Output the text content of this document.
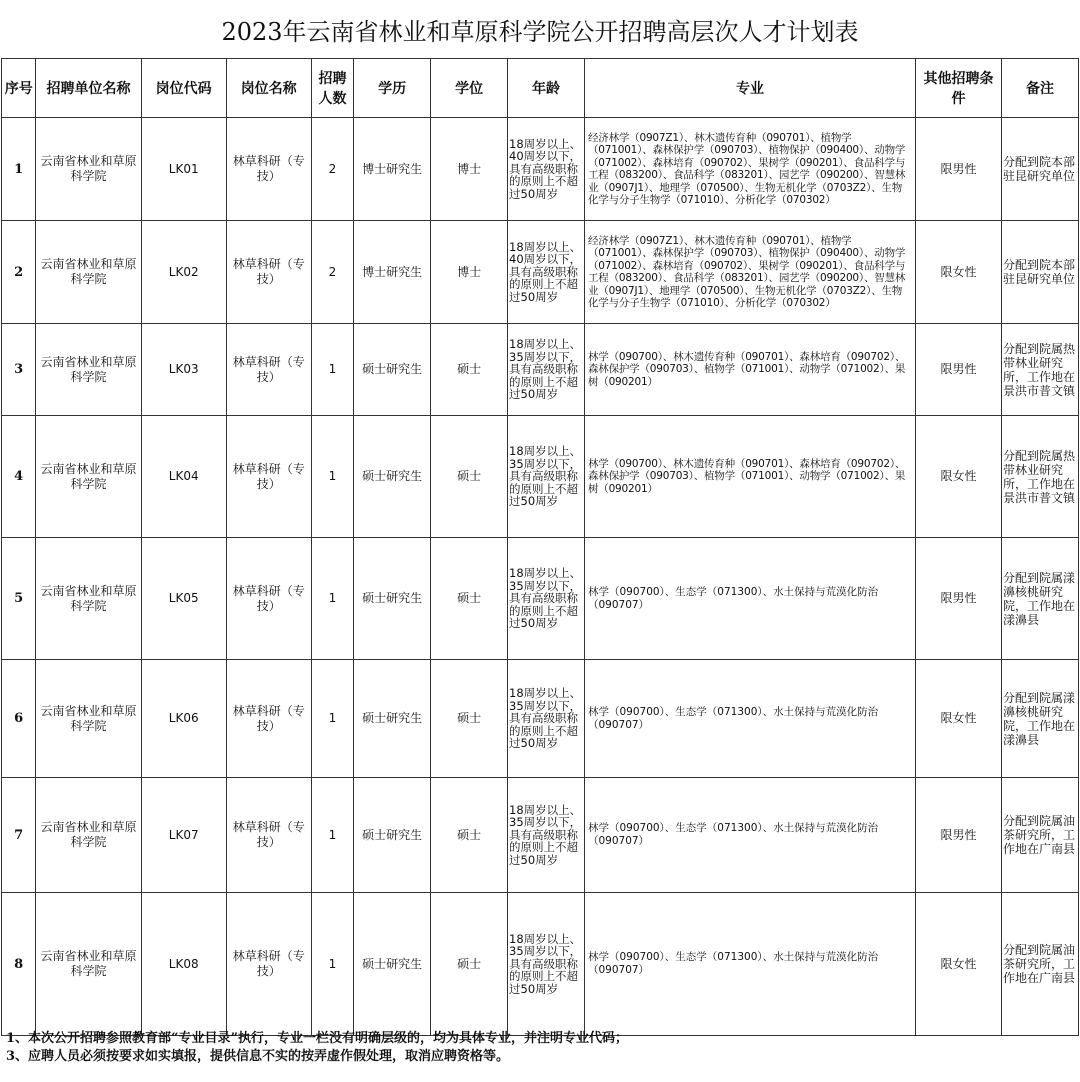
2023年云南省林业和草原科学院公开招聘高层次人才计划表
序号	招聘单位名称	岗位代码	岗位名称	招聘人数	学历	学位	年龄	专业	其他招聘条件	备注
1	云南省林业和草原科学院	LK01	林草科研（专技）	2	博士研究生	博士	18周岁以上、40周岁以下，具有高级职称的原则上不超过50周岁	经济林学（0907Z1）、林木遗传育种（090701）、植物学（071001）、森林保护学（090703）、植物保护（090400）、动物学（071002）、森林培育（090702）、果树学（090201）、食品科学与工程（083200）、食品科学（083201）、园艺学（090200）、智慧林业（0907J1）、地理学（070500）、生物无机化学（0703Z2）、生物化学与分子生物学（071010）、分析化学（070302）	限男性	分配到院本部驻昆研究单位
2	云南省林业和草原科学院	LK02	林草科研（专技）	2	博士研究生	博士	18周岁以上、40周岁以下，具有高级职称的原则上不超过50周岁	经济林学（0907Z1）、林木遗传育种（090701）、植物学（071001）、森林保护学（090703）、植物保护（090400）、动物学（071002）、森林培育（090702）、果树学（090201）、食品科学与工程（083200）、食品科学（083201）、园艺学（090200）、智慧林业（0907J1）、地理学（070500）、生物无机化学（0703Z2）、生物化学与分子生物学（071010）、分析化学（070302）	限女性	分配到院本部驻昆研究单位
3	云南省林业和草原科学院	LK03	林草科研（专技）	1	硕士研究生	硕士	18周岁以上、35周岁以下，具有高级职称的原则上不超过50周岁	林学（090700）、林木遗传育种（090701）、森林培育（090702）、森林保护学（090703）、植物学（071001）、动物学（071002）、果树（090201）	限男性	分配到院属热带林业研究所，工作地在景洪市普文镇
4	云南省林业和草原科学院	LK04	林草科研（专技）	1	硕士研究生	硕士	18周岁以上、35周岁以下，具有高级职称的原则上不超过50周岁	林学（090700）、林木遗传育种（090701）、森林培育（090702）、森林保护学（090703）、植物学（071001）、动物学（071002）、果树（090201）	限女性	分配到院属热带林业研究所，工作地在景洪市普文镇
5	云南省林业和草原科学院	LK05	林草科研（专技）	1	硕士研究生	硕士	18周岁以上、35周岁以下，具有高级职称的原则上不超过50周岁	林学（090700）、生态学（071300）、水土保持与荒漠化防治（090707）	限男性	分配到院属漾濞核桃研究院，工作地在漾濞县
6	云南省林业和草原科学院	LK06	林草科研（专技）	1	硕士研究生	硕士	18周岁以上、35周岁以下，具有高级职称的原则上不超过50周岁	林学（090700）、生态学（071300）、水土保持与荒漠化防治（090707）	限女性	分配到院属漾濞核桃研究院，工作地在漾濞县
7	云南省林业和草原科学院	LK07	林草科研（专技）	1	硕士研究生	硕士	18周岁以上、35周岁以下，具有高级职称的原则上不超过50周岁	林学（090700）、生态学（071300）、水土保持与荒漠化防治（090707）	限男性	分配到院属油茶研究所，工作地在广南县
8	云南省林业和草原科学院	LK08	林草科研（专技）	1	硕士研究生	硕士	18周岁以上、35周岁以下，具有高级职称的原则上不超过50周岁	林学（090700）、生态学（071300）、水土保持与荒漠化防治（090707）	限女性	分配到院属油茶研究所，工作地在广南县
1、本次公开招聘参照教育部“专业目录”执行，专业一栏没有明确层级的，均为具体专业，并注明专业代码；
3、应聘人员必须按要求如实填报，提供信息不实的按弄虚作假处理，取消应聘资格等。
